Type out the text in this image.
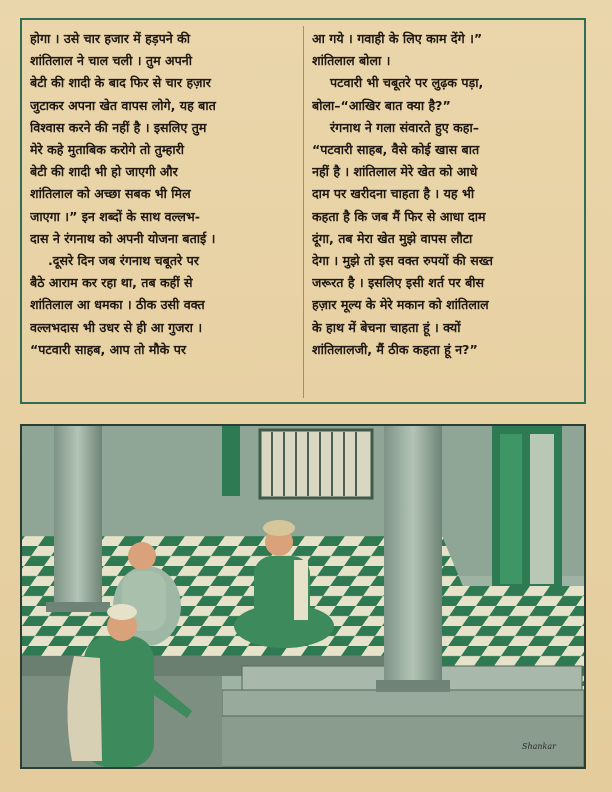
होगा । उसे चार हजार में हड़पने की
शांतिलाल ने चाल चली । तुम अपनी
बेटी की शादी के बाद फिर से चार हज़ार
जुटाकर अपना खेत वापस लोगे, यह बात
विश्वास करने की नहीं है । इसलिए तुम
मेरे कहे मुताबिक करोगे तो तुम्हारी
बेटी की शादी भी हो जाएगी और
शांतिलाल को अच्छा सबक भी मिल
जाएगा ।” इन शब्दों के साथ वल्लभ-
दास ने रंगनाथ को अपनी योजना बताई ।
.दूसरे दिन जब रंगनाथ चबूतरे पर
बैठे आराम कर रहा था, तब कहीं से
शांतिलाल आ धमका । ठीक उसी वक्त
वल्लभदास भी उधर से ही आ गुजरा ।
“पटवारी साहब, आप तो मौके पर
आ गये । गवाही के लिए काम देंगे ।”
शांतिलाल बोला ।
पटवारी भी चबूतरे पर लुढ़क पड़ा,
बोला–“आखिर बात क्या है?”
रंगनाथ ने गला संवारते हुए कहा–
“पटवारी साहब, वैसे कोई खास बात
नहीं है । शांतिलाल मेरे खेत को आधे
दाम पर खरीदना चाहता है । यह भी
कहता है कि जब मैं फिर से आधा दाम
दूंगा, तब मेरा खेत मुझे वापस लौटा
देगा । मुझे तो इस वक्त रुपयों की सख्त
जरूरत है । इसलिए इसी शर्त पर बीस
हज़ार मूल्य के मेरे मकान को शांतिलाल
के हाथ में बेचना चाहता हूं । क्यों
शांतिलालजी, मैं ठीक कहता हूं न?”
Shankar
